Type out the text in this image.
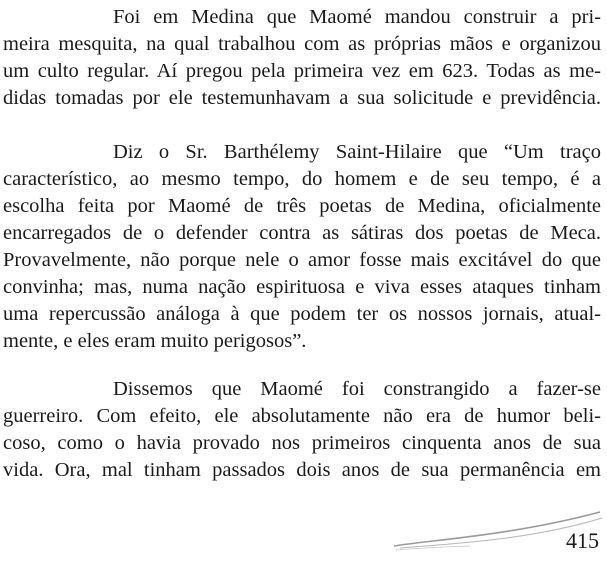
Foi em Medina que Maomé mandou construir a pri-
meira mesquita, na qual trabalhou com as próprias mãos e organizou
um culto regular. Aí pregou pela primeira vez em 623. Todas as me-
didas tomadas por ele testemunhavam a sua solicitude e previdência.
Diz o Sr. Barthélemy Saint-Hilaire que “Um traço
característico, ao mesmo tempo, do homem e de seu tempo, é a
escolha feita por Maomé de três poetas de Medina, oficialmente
encarregados de o defender contra as sátiras dos poetas de Meca.
Provavelmente, não porque nele o amor fosse mais excitável do que
convinha; mas, numa nação espirituosa e viva esses ataques tinham
uma repercussão análoga à que podem ter os nossos jornais, atual-
mente, e eles eram muito perigosos”.
Dissemos que Maomé foi constrangido a fazer-se
guerreiro. Com efeito, ele absolutamente não era de humor beli-
coso, como o havia provado nos primeiros cinquenta anos de sua
vida. Ora, mal tinham passados dois anos de sua permanência em
415
